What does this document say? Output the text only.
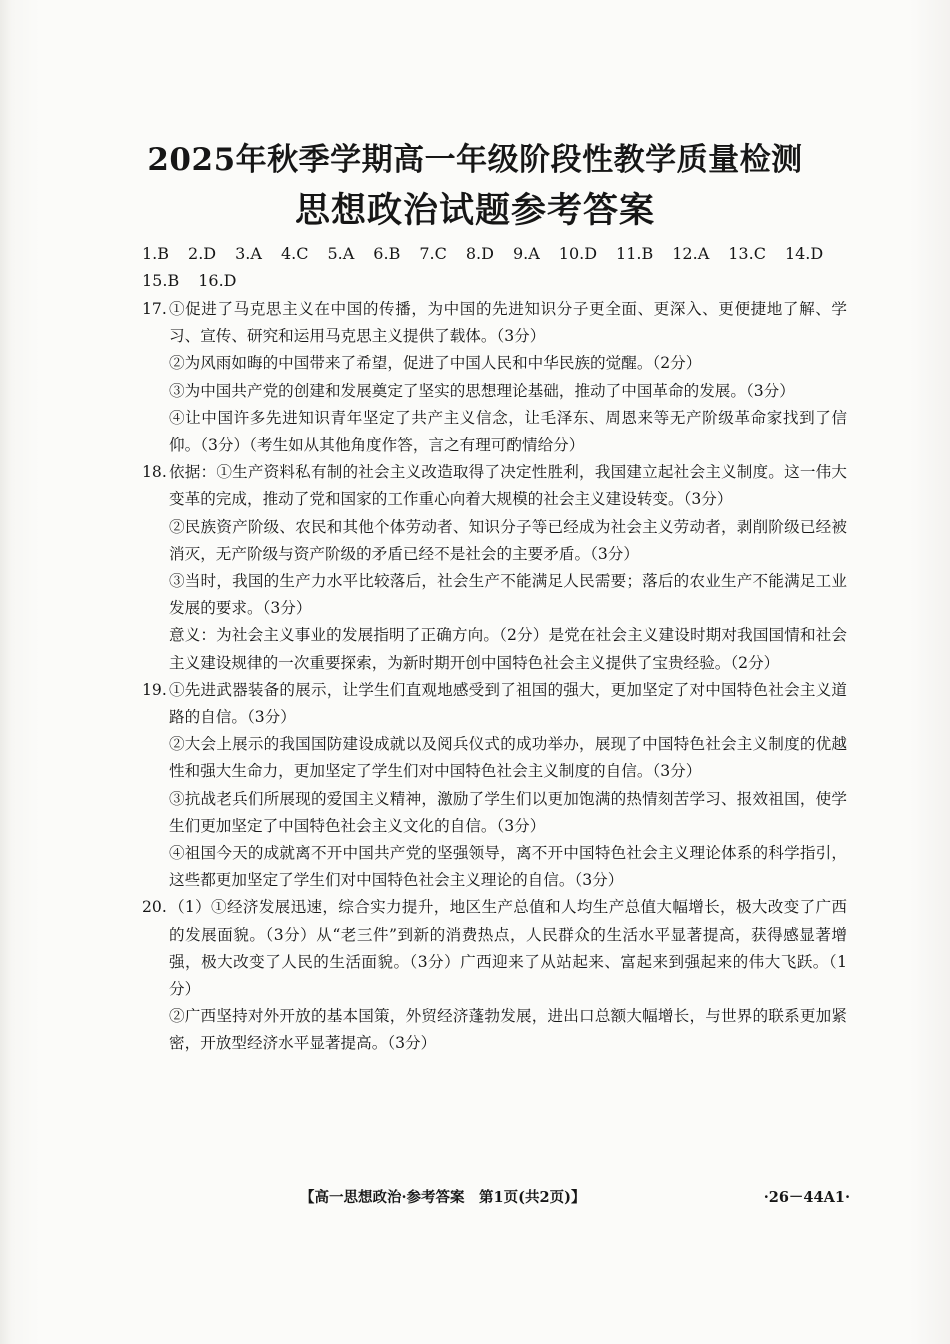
2025年秋季学期高一年级阶段性教学质量检测
思想政治试题参考答案
1.B 2.D 3.A 4.C 5.A 6.B 7.C 8.D 9.A 10.D 11.B 12.A 13.C 14.D
15.B 16.D
17. ①促进了马克思主义在中国的传播，为中国的先进知识分子更全面、更深入、更便捷地了解、学习、宣传、研究和运用马克思主义提供了载体。（3分）

②为风雨如晦的中国带来了希望，促进了中国人民和中华民族的觉醒。（2分）

③为中国共产党的创建和发展奠定了坚实的思想理论基础，推动了中国革命的发展。（3分）

④让中国许多先进知识青年坚定了共产主义信念，让毛泽东、周恩来等无产阶级革命家找到了信仰。（3分）（考生如从其他角度作答，言之有理可酌情给分）

18. 依据：①生产资料私有制的社会主义改造取得了决定性胜利，我国建立起社会主义制度。这一伟大变革的完成，推动了党和国家的工作重心向着大规模的社会主义建设转变。（3分）

②民族资产阶级、农民和其他个体劳动者、知识分子等已经成为社会主义劳动者，剥削阶级已经被消灭，无产阶级与资产阶级的矛盾已经不是社会的主要矛盾。（3分）

③当时，我国的生产力水平比较落后，社会生产不能满足人民需要；落后的农业生产不能满足工业发展的要求。（3分）

意义：为社会主义事业的发展指明了正确方向。（2分）是党在社会主义建设时期对我国国情和社会主义建设规律的一次重要探索，为新时期开创中国特色社会主义提供了宝贵经验。（2分）

19. ①先进武器装备的展示，让学生们直观地感受到了祖国的强大，更加坚定了对中国特色社会主义道路的自信。（3分）

②大会上展示的我国国防建设成就以及阅兵仪式的成功举办，展现了中国特色社会主义制度的优越性和强大生命力，更加坚定了学生们对中国特色社会主义制度的自信。（3分）

③抗战老兵们所展现的爱国主义精神，激励了学生们以更加饱满的热情刻苦学习、报效祖国，使学生们更加坚定了中国特色社会主义文化的自信。（3分）

④祖国今天的成就离不开中国共产党的坚强领导，离不开中国特色社会主义理论体系的科学指引，这些都更加坚定了学生们对中国特色社会主义理论的自信。（3分）

20. （1）①经济发展迅速，综合实力提升，地区生产总值和人均生产总值大幅增长，极大改变了广西的发展面貌。（3分）从“老三件”到新的消费热点，人民群众的生活水平显著提高，获得感显著增强，极大改变了人民的生活面貌。（3分）广西迎来了从站起来、富起来到强起来的伟大飞跃。（1分）

②广西坚持对外开放的基本国策，外贸经济蓬勃发展，进出口总额大幅增长，与世界的联系更加紧密，开放型经济水平显著提高。（3分）

【高一思想政治·参考答案　第1页(共2页)】	·26－44A1·
